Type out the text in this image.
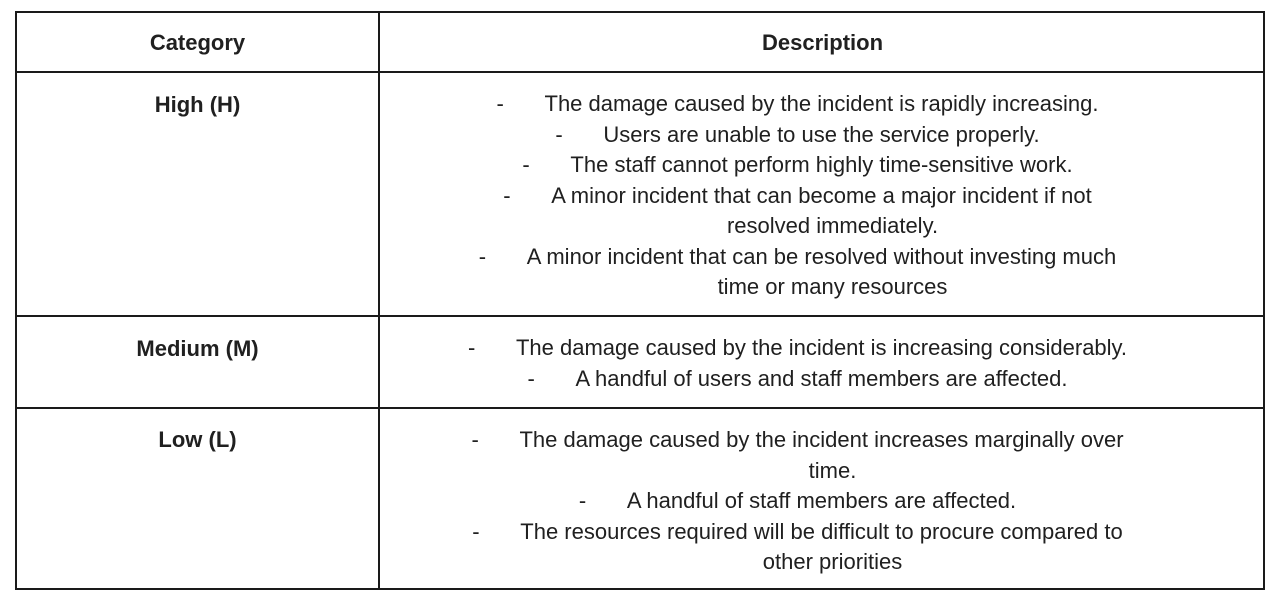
Category	Description
High (H)	- The damage caused by the incident is rapidly increasing.
- Users are unable to use the service properly.
- The staff cannot perform highly time-sensitive work.
- A minor incident that can become a major incident if not
resolved immediately.
- A minor incident that can be resolved without investing much
time or many resources
Medium (M)	- The damage caused by the incident is increasing considerably.
- A handful of users and staff members are affected.
Low (L)	- The damage caused by the incident increases marginally over
time.
- A handful of staff members are affected.
- The resources required will be difficult to procure compared to
other priorities
